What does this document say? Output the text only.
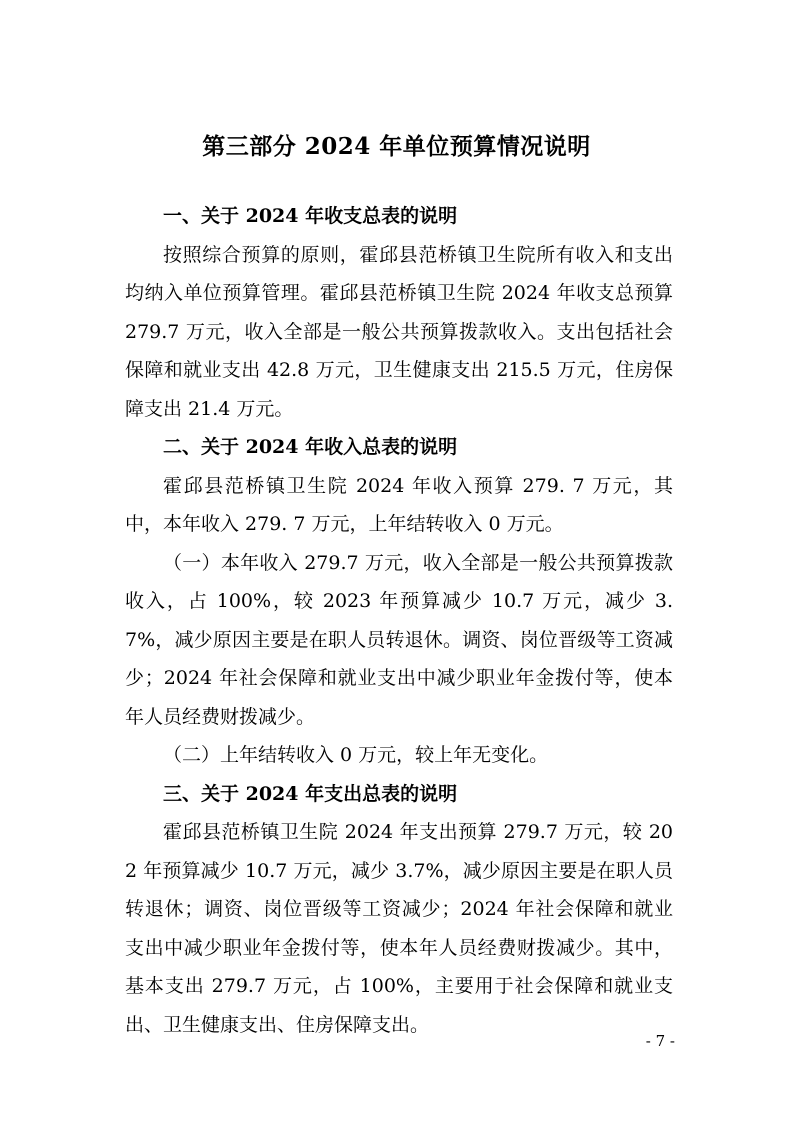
第三部分 2024 年单位预算情况说明

一、关于 2024 年收支总表的说明

按照综合预算的原则，霍邱县范桥镇卫生院所有收入和支出均纳入单位预算管理。霍邱县范桥镇卫生院 2024 年收支总预算 279.7 万元，收入全部是一般公共预算拨款收入。支出包括社会保障和就业支出 42.8 万元，卫生健康支出 215.5 万元，住房保障支出 21.4 万元。

二、关于 2024 年收入总表的说明

霍邱县范桥镇卫生院 2024 年收入预算 279. 7 万元，其中，本年收入 279. 7 万元，上年结转收入 0 万元。

（一）本年收入 279.7 万元，收入全部是一般公共预算拨款收入，占 100%，较 2023 年预算减少 10.7 万元，减少 3.7%，减少原因主要是在职人员转退休。调资、岗位晋级等工资减少；2024 年社会保障和就业支出中减少职业年金拨付等，使本年人员经费财拨减少。

（二）上年结转收入 0 万元，较上年无变化。

三、关于 2024 年支出总表的说明

霍邱县范桥镇卫生院 2024 年支出预算 279.7 万元，较 202 年预算减少 10.7 万元，减少 3.7%，减少原因主要是在职人员转退休；调资、岗位晋级等工资减少；2024 年社会保障和就业支出中减少职业年金拨付等，使本年人员经费财拨减少。其中，基本支出 279.7 万元，占 100%，主要用于社会保障和就业支出、卫生健康支出、住房保障支出。

- 7 -
